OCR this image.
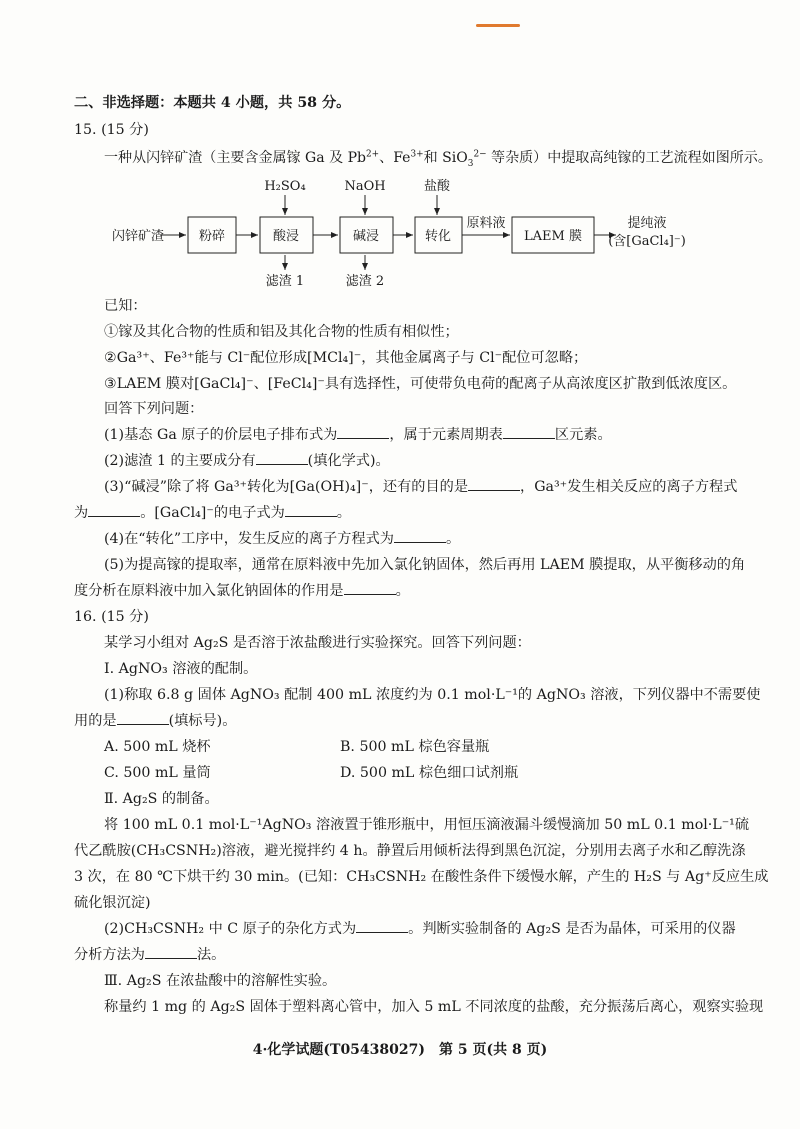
二、非选择题：本题共 4 小题，共 58 分。
15. (15 分)
一种从闪锌矿渣（主要含金属镓 Ga 及 $Pb^{2+}$、$Fe^{3+}$和 SiO$_3^{2-}$ 等杂质）中提取高纯镓的工艺流程如图所示。
闪锌矿渣	粉碎	酸浸	碱浸	转化	LAEM 膜
H₂SO₄	NaOH	盐酸
滤渣 1	滤渣 2
原料液	提纯液
(含[GaCl₄]⁻)
已知：
①镓及其化合物的性质和铝及其化合物的性质有相似性；
②Ga³⁺、Fe³⁺能与 Cl⁻配位形成[MCl₄]⁻，其他金属离子与 Cl⁻配位可忽略；
③LAEM 膜对[GaCl₄]⁻、[FeCl₄]⁻具有选择性，可使带负电荷的配离子从高浓度区扩散到低浓度区。
回答下列问题：
(1)基态 Ga 原子的价层电子排布式为	，属于元素周期表	区元素。
(2)滤渣 1 的主要成分有	(填化学式)。
(3)“碱浸”除了将 Ga³⁺转化为[Ga(OH)₄]⁻，还有的目的是	，Ga³⁺发生相关反应的离子方程式
为	。[GaCl₄]⁻的电子式为	。
(4)在“转化”工序中，发生反应的离子方程式为	。
(5)为提高镓的提取率，通常在原料液中先加入氯化钠固体，然后再用 LAEM 膜提取，从平衡移动的角
度分析在原料液中加入氯化钠固体的作用是	。
16. (15 分)
某学习小组对 Ag₂S 是否溶于浓盐酸进行实验探究。回答下列问题：
Ⅰ. AgNO₃ 溶液的配制。
(1)称取 6.8 g 固体 AgNO₃ 配制 400 mL 浓度约为 0.1 mol·L⁻¹的 AgNO₃ 溶液，下列仪器中不需要使
用的是	(填标号)。
A. 500 mL 烧杯	B. 500 mL 棕色容量瓶
C. 500 mL 量筒	D. 500 mL 棕色细口试剂瓶
Ⅱ. Ag₂S 的制备。
将 100 mL 0.1 mol·L⁻¹AgNO₃ 溶液置于锥形瓶中，用恒压滴液漏斗缓慢滴加 50 mL 0.1 mol·L⁻¹硫
代乙酰胺(CH₃CSNH₂)溶液，避光搅拌约 4 h。静置后用倾析法得到黑色沉淀，分别用去离子水和乙醇洗涤
3 次，在 80 ℃下烘干约 30 min。(已知：CH₃CSNH₂ 在酸性条件下缓慢水解，产生的 H₂S 与 Ag⁺反应生成
硫化银沉淀)
(2)CH₃CSNH₂ 中 C 原子的杂化方式为	。判断实验制备的 Ag₂S 是否为晶体，可采用的仪器
分析方法为	法。
Ⅲ. Ag₂S 在浓盐酸中的溶解性实验。
称量约 1 mg 的 Ag₂S 固体于塑料离心管中，加入 5 mL 不同浓度的盐酸，充分振荡后离心，观察实验现
4·化学试题(T05438027)　第 5 页(共 8 页)
